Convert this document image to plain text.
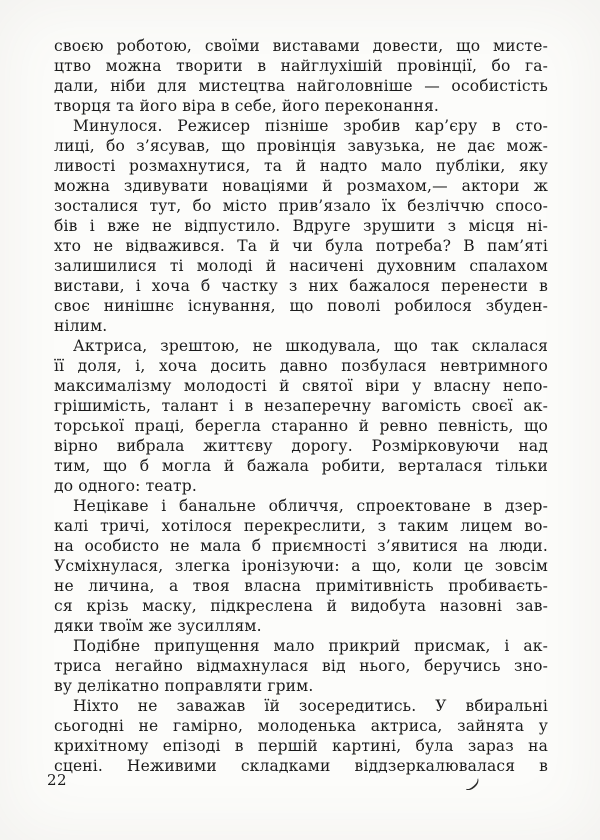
своєю роботою, своїми виставами довести, що мисте-
цтво можна творити в найглухішій провінції, бо га-
дали, ніби для мистецтва найголовніше — особистість
творця та його віра в себе, його переконання.
Минулося. Режисер пізніше зробив кар’єру в сто-
лиці, бо з’ясував, що провінція завузька, не дає мож-
ливості розмахнутися, та й надто мало публіки, яку
можна здивувати новаціями й розмахом,— актори ж
зосталися тут, бо місто прив’язало їх безліччю спосо-
бів і вже не відпустило. Вдруге зрушити з місця ні-
хто не відважився. Та й чи була потреба? В пам’яті
залишилися ті молоді й насичені духовним спалахом
вистави, і хоча б частку з них бажалося перенести в
своє нинішнє існування, що поволі робилося збуден-
нілим.
Актриса, зрештою, не шкодувала, що так склалася
її доля, і, хоча досить давно позбулася невтримного
максималізму молодості й святої віри у власну непо-
грішимість, талант і в незаперечну вагомість своєї ак-
торської праці, берегла старанно й ревно певність, що
вірно вибрала життєву дорогу. Розмірковуючи над
тим, що б могла й бажала робити, верталася тільки
до одного: театр.
Нецікаве і банальне обличчя, спроектоване в дзер-
калі тричі, хотілося перекреслити, з таким лицем во-
на особисто не мала б приємності з’явитися на люди.
Усміхнулася, злегка іронізуючи: а що, коли це зовсім
не личина, а твоя власна примітивність пробиваєть-
ся крізь маску, підкреслена й видобута назовні зав-
дяки твоїм же зусиллям.
Подібне припущення мало прикрий присмак, і ак-
триса негайно відмахнулася від нього, беручись зно-
ву делікатно поправляти грим.
Ніхто не заважав їй зосередитись. У вбиральні
сьогодні не гамірно, молоденька актриса, зайнята у
крихітному епізоді в першій картині, була зараз на
сцені. Неживими складками віддзеркалювалася в
22	)
